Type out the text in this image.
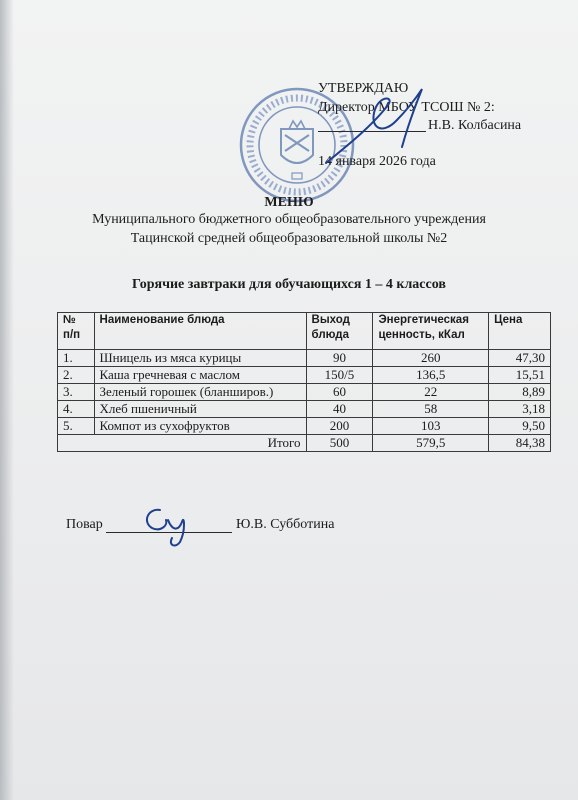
УТВЕРЖДАЮ
Директор МБОУ ТСОШ № 2:
Н.В. Колбасина
14 января 2026 года
МЕНЮ
Муниципального бюджетного общеобразовательного учреждения
Тацинской средней общеобразовательной школы №2
Горячие завтраки для обучающихся 1 – 4 классов
№ п/п	Наименование блюда	Выход блюда	Энергетическая ценность, кКал	Цена
1.	Шницель из мяса курицы	90	260	47,30
2.	Каша гречневая с маслом	150/5	136,5	15,51
3.	Зеленый горошек (бланширов.)	60	22	8,89
4.	Хлеб пшеничный	40	58	3,18
5.	Компот из сухофруктов	200	103	9,50
Итого		500	579,5	84,38
Повар	Ю.В. Субботина
